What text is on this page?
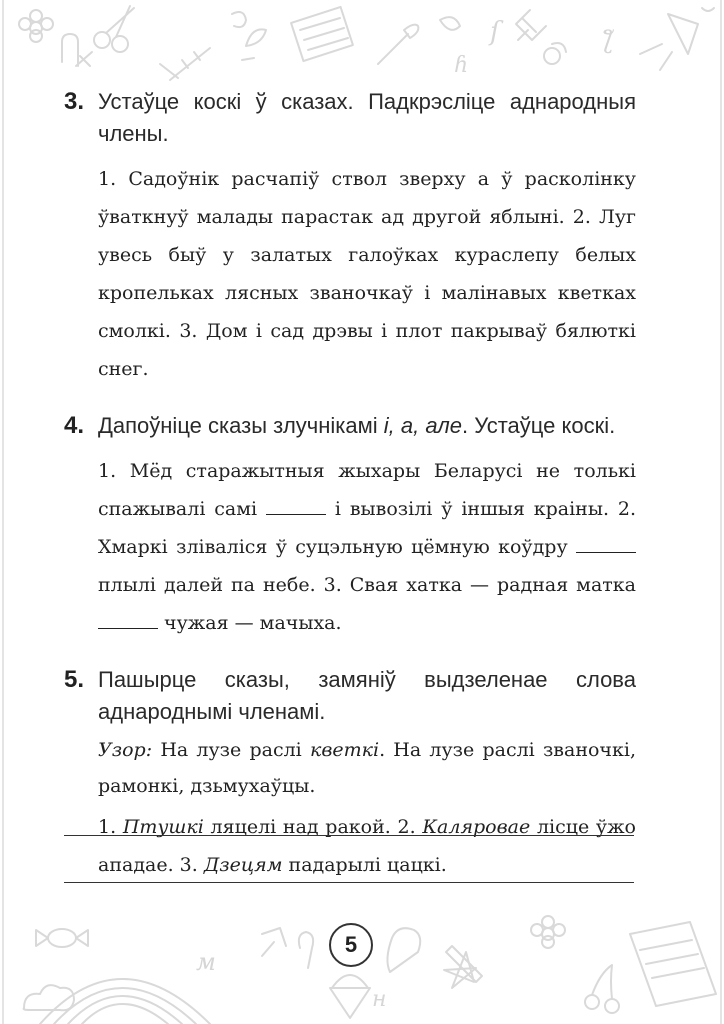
ſ
ɦ
ƪ
3. Устаўце коскі ў сказах. Падкрэсліце аднародныя члены.

1. Садоўнік расчапіў ствол зверху а ў расколінку ўваткнуў малады парастак ад другой яблыні. 2. Луг увесь быў у залатых галоўках кураслепу белых кропельках лясных званочкаў і малінавых кветках смолкі. 3. Дом і сад дрэвы і плот пакрываў бялюткі снег.

4. Дапоўніце сказы злучнікамі і, а, але. Устаўце коскі.

1. Мёд старажытныя жыхары Беларусі не толькі спажывалі самі	і вывозілі ў іншыя краіны. 2. Хмаркі зліваліся ў суцэльную цёмную коўдру  плылі далей па небе. 3. Свая хатка — радная матка  чужая — мачыха.

5. Пашырце сказы, замяніў выдзеленае слова аднароднымі членамі.

Узор: На лузе раслі кветкі. На лузе раслі званочкі, рамонкі, дзьмухаўцы.

1. Птушкі ляцелі над ракой. 2. Каляровае лісце ўжо ападае. 3. Дзецям падарылі цацкі.

м
н
5
